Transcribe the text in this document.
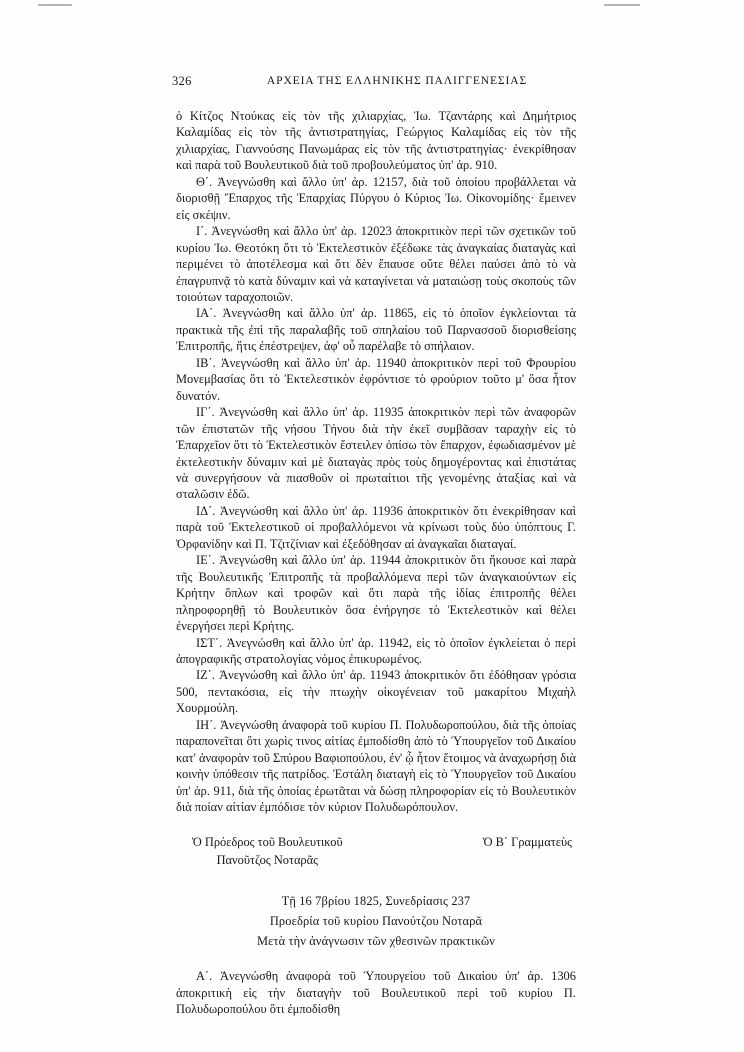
326	ΑΡΧΕΙΑ ΤΗΣ ΕΛΛΗΝΙΚΗΣ ΠΑΛΙΓΓΕΝΕΣΙΑΣ

ὁ Κίτζος Ντούκας εἰς τὸν τῆς χιλιαρχίας, Ἰω. Τζαντάρης καὶ Δημήτριος Καλαμίδας εἰς τὸν τῆς ἀντιστρατηγίας, Γεώργιος Καλαμίδας εἰς τὸν τῆς χιλιαρχίας, Γιαννούσης Πανωμάρας εἰς τὸν τῆς ἀντιστρατηγίας· ἐνεκρίθησαν καὶ παρὰ τοῦ Βουλευτικοῦ διὰ τοῦ προβουλεύματος ὑπ' ἀρ. 910.

Θ΄. Ἀνεγνώσθη καὶ ἄλλο ὑπ' ἀρ. 12157, διὰ τοῦ ὁποίου προβάλλεται νὰ διορισθῇ Ἔπαρχος τῆς Ἐπαρχίας Πύργου ὁ Κύριος Ἰω. Οἰκονομίδης· ἔμεινεν εἰς σκέψιν.

Ι΄. Ἀνεγνώσθη καὶ ἄλλο ὑπ' ἀρ. 12023 ἀποκριτικὸν περὶ τῶν σχετικῶν τοῦ κυρίου Ἰω. Θεοτόκη ὅτι τὸ Ἐκτελεστικὸν ἐξέδωκε τὰς ἀναγκαίας διαταγὰς καὶ περιμένει τὸ ἀποτέλεσμα καὶ ὅτι δὲν ἔπαυσε οὔτε θέλει παύσει ἀπὸ τὸ νὰ ἐπαγρυπνᾷ τὸ κατὰ δύναμιν καὶ νὰ καταγίνεται νὰ ματαιώσῃ τοὺς σκοποὺς τῶν τοιούτων ταραχοποιῶν.

ΙΑ΄. Ἀνεγνώσθη καὶ ἄλλο ὑπ' ἀρ. 11865, εἰς τὸ ὁποῖον ἐγκλείονται τὰ πρακτικὰ τῆς ἐπὶ τῆς παραλαβῆς τοῦ σπηλαίου τοῦ Παρνασσοῦ διορισθείσης Ἐπιτροπῆς, ἥτις ἐπέστρεψεν, ἀφ' οὗ παρέλαβε τὸ σπήλαιον.

ΙΒ΄. Ἀνεγνώσθη καὶ ἄλλο ὑπ' ἀρ. 11940 ἀποκριτικὸν περὶ τοῦ Φρουρίου Μονεμβασίας ὅτι τὸ Ἐκτελεστικὸν ἐφρόντισε τὸ φρούριον τοῦτο μ' ὅσα ἦτον δυνατόν.

ΙΓ΄. Ἀνεγνώσθη καὶ ἄλλο ὑπ' ἀρ. 11935 ἀποκριτικὸν περὶ τῶν ἀναφορῶν τῶν ἐπιστατῶν τῆς νήσου Τήνου διὰ τὴν ἐκεῖ συμβᾶσαν ταραχὴν εἰς τὸ Ἐπαρχεῖον ὅτι τὸ Ἐκτελεστικὸν ἔστειλεν ὀπίσω τὸν ἔπαρχον, ἐφωδιασμένον μὲ ἐκτελεστικὴν δύναμιν καὶ μὲ διαταγὰς πρὸς τοὺς δημογέροντας καὶ ἐπιστάτας νὰ συνεργήσουν νὰ πιασθοῦν οἱ πρωταίτιοι τῆς γενομένης ἀταξίας καὶ νὰ σταλῶσιν ἐδῶ.

ΙΔ΄. Ἀνεγνώσθη καὶ ἄλλο ὑπ' ἀρ. 11936 ἀποκριτικὸν ὅτι ἐνεκρίθησαν καὶ παρὰ τοῦ Ἐκτελεστικοῦ οἱ προβαλλόμενοι νὰ κρίνωσι τοὺς δύο ὑπόπτους Γ. Ὀρφανίδην καὶ Π. Τζιτζίνιαν καὶ ἐξεδόθησαν αἱ ἀναγκαῖαι διαταγαί.

ΙΕ΄. Ἀνεγνώσθη καὶ ἄλλο ὑπ' ἀρ. 11944 ἀποκριτικὸν ὅτι ἤκουσε καὶ παρὰ τῆς Βουλευτικῆς Ἐπιτροπῆς τὰ προβαλλόμενα περὶ τῶν ἀναγκαιούντων εἰς Κρήτην ὅπλων καὶ τροφῶν καὶ ὅτι παρὰ τῆς ἰδίας ἐπιτροπῆς θέλει πληροφορηθῇ τὸ Βουλευτικὸν ὅσα ἐνήργησε τὸ Ἐκτελεστικὸν καὶ θέλει ἐνεργήσει περὶ Κρήτης.

ΙΣΤ΄. Ἀνεγνώσθη καὶ ἄλλο ὑπ' ἀρ. 11942, εἰς τὸ ὁποῖον ἐγκλείεται ὁ περὶ ἀπογραφικῆς στρατολογίας νόμος ἐπικυρωμένος.

ΙΖ΄. Ἀνεγνώσθη καὶ ἄλλο ὑπ' ἀρ. 11943 ἀποκριτικὸν ὅτι ἐδόθησαν γρόσια 500, πεντακόσια, εἰς τὴν πτωχὴν οἰκογένειαν τοῦ μακαρίτου Μιχαὴλ Χουρμούλη.

ΙΗ΄. Ἀνεγνώσθη ἀναφορὰ τοῦ κυρίου Π. Πολυδωροπούλου, διὰ τῆς ὁποίας παραπονεῖται ὅτι χωρὶς τινος αἰτίας ἐμποδίσθη ἀπὸ τὸ Ὑπουργεῖον τοῦ Δικαίου κατ' ἀναφορὰν τοῦ Σπύρου Βαφιοπούλου, ἐν' ᾧ ἦτον ἕτοιμος νὰ ἀναχωρήσῃ διὰ κοινὴν ὑπόθεσιν τῆς πατρίδος. Ἐστάλη διαταγὴ εἰς τὸ Ὑπουργεῖον τοῦ Δικαίου ὑπ' ἀρ. 911, διὰ τῆς ὁποίας ἐρωτᾶται νὰ δώσῃ πληροφορίαν εἰς τὸ Βουλευτικὸν διὰ ποίαν αἰτίαν ἐμπόδισε τὸν κύριον Πολυδωρόπουλον.

Ὁ Πρόεδρος τοῦ Βουλευτικοῦ
Πανοῦτζος Νοταρᾶς
Ὁ Β΄ Γραμματεὺς
Τῇ 16 7βρίου 1825, Συνεδρίασις 237
Προεδρία τοῦ κυρίου Πανούτζου Νοταρᾶ
Μετὰ τὴν ἀνάγνωσιν τῶν χθεσινῶν πρακτικῶν

Α΄. Ἀνεγνώσθη ἀναφορὰ τοῦ Ὑπουργείου τοῦ Δικαίου ὑπ' ἀρ. 1306 ἀποκριτικὴ εἰς τὴν διαταγὴν τοῦ Βουλευτικοῦ περὶ τοῦ κυρίου Π. Πολυδωροπούλου ὅτι ἐμποδίσθη
